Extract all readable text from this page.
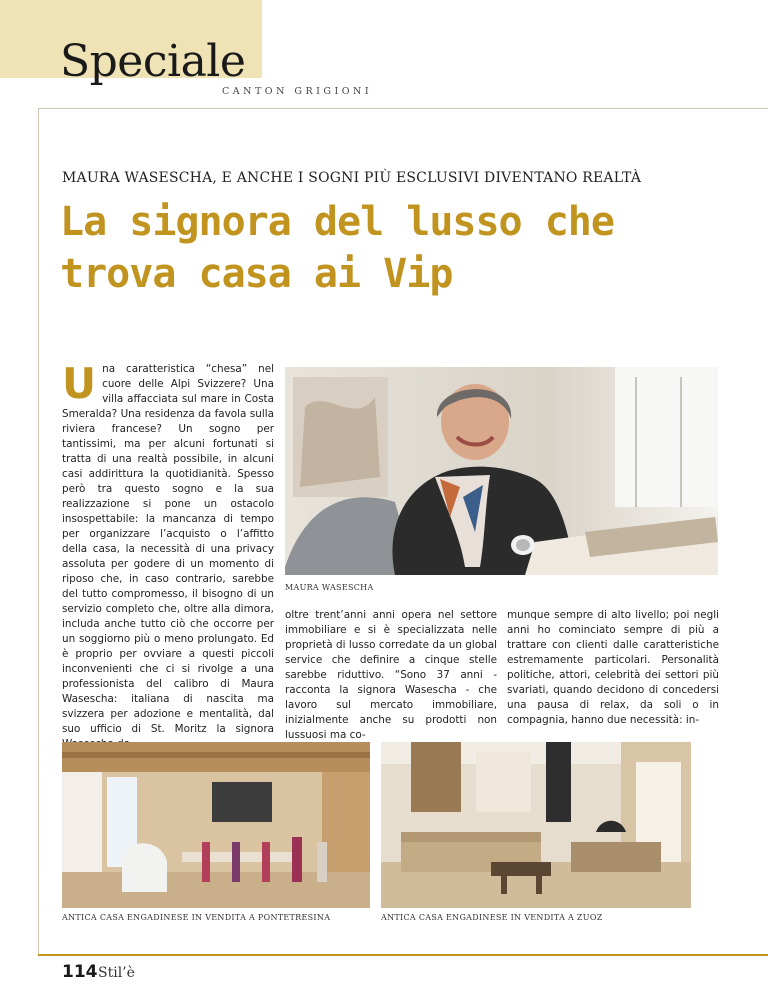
Speciale
CANTON GRIGIONI
MAURA WASESCHA, E ANCHE I SOGNI PIÙ ESCLUSIVI DIVENTANO REALTÀ
La signora del lusso che
trova casa ai Vip

Una caratteristica “chesa” nel cuore delle Alpi Svizzere? Una villa affacciata sul mare in Costa Smeralda? Una residenza da favola sulla riviera francese? Un sogno per tantissimi, ma per alcuni fortunati si tratta di una realtà possibile, in alcuni casi addirittura la quotidianità. Spesso però tra questo sogno e la sua realizzazione si pone un ostacolo insospettabile: la mancanza di tempo per organizzare l’acquisto o l’affitto della casa, la necessità di una privacy assoluta per godere di un momento di riposo che, in caso contrario, sarebbe del tutto compromesso, il bisogno di un servizio completo che, oltre alla dimora, includa anche tutto ciò che occorre per un soggiorno più o meno prolungato. Ed è proprio per ovviare a questi piccoli inconvenienti che ci si rivolge a una professionista del calibro di Maura Wasescha: italiana di nascita ma svizzera per adozione e mentalità, dal suo ufficio di St. Moritz la signora

MAURA WASESCHA

oltre trent’anni anni opera nel settore immobiliare e si è specializzata nelle proprietà di lusso corredate da un global service che definire a cinque stelle sarebbe riduttivo. “Sono 37 anni - racconta la signora Wasescha - che lavoro sul mercato immobiliare, inizialmente anche su prodotti non lussuosi ma co-

munque sempre di alto livello; poi negli anni ho cominciato sempre di più a trattare con clienti dalle caratteristiche estremamente particolari. Personalità politiche, attori, celebrità dei settori più svariati, quando decidono di concedersi una pausa di relax, da soli o in compagnia, hanno due necessità: in-

ANTICA CASA ENGADINESE IN VENDITA A PONTETRESINA	ANTICA CASA ENGADINESE IN VENDITA A ZUOZ
114 Stil’è
